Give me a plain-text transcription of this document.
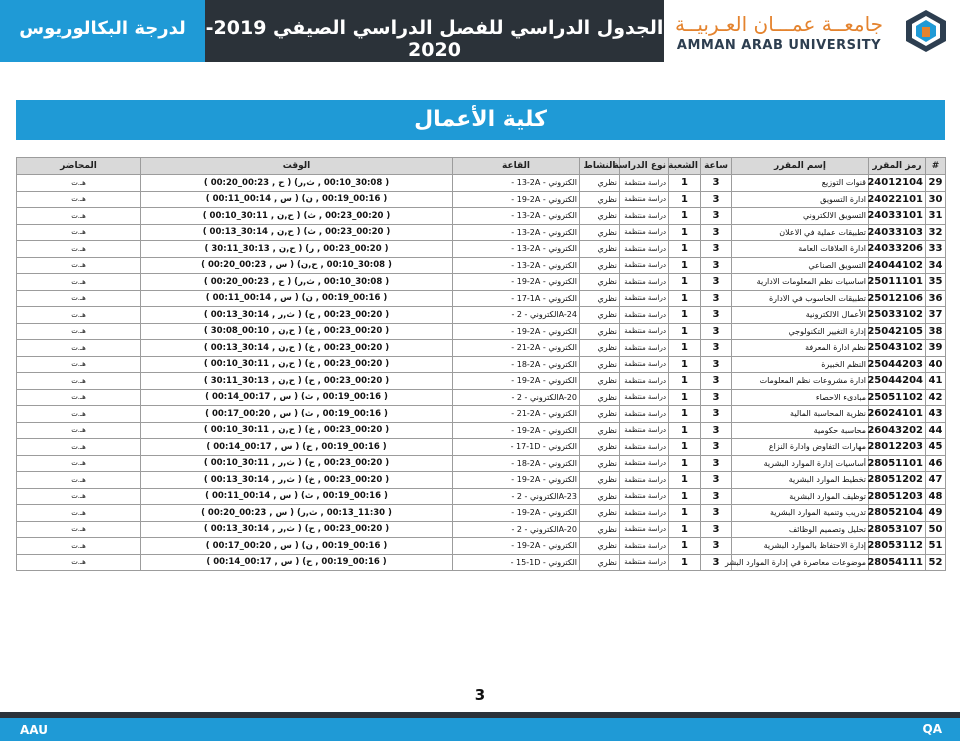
جامعــة عمـــان العـربيــة
AMMAN ARAB UNIVERSITY
الجدول الدراسي للفصل الدراسي الصيفي 2019-2020
لدرجة البكالوريوس
كلية الأعمال
#	رمز المقرر	إسم المقرر	ساعة	الشعبة	نوع الدراسة	النشاط	القاعة	الوقت	المحاضر
29	24012104	قنوات التوزيع	3	1	دراسة منتظمة	نظري	- 13-2A - الكتروني	( 00:20_00:23 , ح ) (30:08_00:10 , ث,ر )	هـ.ت
30	24022101	ادارة التسويق	3	1	دراسة منتظمة	نظري	- 19-2A - الكتروني	( 00:11_00:14 , س ) (00:16_00:19 , ن )	هـ.ت
31	24033101	التسويق الالكتروني	3	1	دراسة منتظمة	نظري	- 13-2A - الكتروني	( 00:10_30:11 , ح,ن ) (00:20_00:23 , ث )	هـ.ت
32	24033103	تطبيقات عملية في الاعلان	3	1	دراسة منتظمة	نظري	- 13-2A - الكتروني	( 00:13_30:14 , ح,ن ) (00:20_00:23 , ث )	هـ.ت
33	24033206	ادارة العلاقات العامة	3	1	دراسة منتظمة	نظري	- 13-2A - الكتروني	( 30:11_30:13 , ح,ن ) (00:20_00:23 , ر )	هـ.ت
34	24044102	التسويق الصناعي	3	1	دراسة منتظمة	نظري	- 13-2A - الكتروني	( 00:20_00:23 , س ) (30:08_00:10 , ح,ن )	هـ.ت
35	25011101	اساسيات نظم المعلومات الادارية	3	1	دراسة منتظمة	نظري	- 19-2A - الكتروني	( 00:20_00:23 , ح ) (30:08_00:10 , ث,ر )	هـ.ت
36	25012106	تطبيقات الحاسوب في الادارة	3	1	دراسة منتظمة	نظري	- 17-1A - الكتروني	( 00:11_00:14 , س ) (00:16_00:19 , ن )	هـ.ت
37	25033102	الأعمال الالكترونية	3	1	دراسة منتظمة	نظري	- الكتروني - 2A-24	( 00:13_30:14 , ث,ر ) (00:20_00:23 , ح )	هـ.ت
38	25042105	إدارة التغيير التكنولوجي	3	1	دراسة منتظمة	نظري	- 19-2A - الكتروني	( 30:08_00:10 , ح,ن ) (00:20_00:23 , خ )	هـ.ت
39	25043102	نظم ادارة المعرفة	3	1	دراسة منتظمة	نظري	- 21-2A - الكتروني	( 00:13_30:14 , ح,ن ) (00:20_00:23 , خ )	هـ.ت
40	25044203	النظم الخبيرة	3	1	دراسة منتظمة	نظري	- 18-2A - الكتروني	( 00:10_30:11 , ح,ن ) (00:20_00:23 , خ )	هـ.ت
41	25044204	ادارة مشروعات نظم المعلومات	3	1	دراسة منتظمة	نظري	- 19-2A - الكتروني	( 30:11_30:13 , ح,ن ) (00:20_00:23 , ح )	هـ.ت
42	25051102	مبادىء الاحصاء	3	1	دراسة منتظمة	نظري	- الكتروني - 2A-20	( 00:14_00:17 , س ) (00:16_00:19 , ث )	هـ.ت
43	26024101	نظرية المحاسبة المالية	3	1	دراسة منتظمة	نظري	- 21-2A - الكتروني	( 00:17_00:20 , س ) (00:16_00:19 , ث )	هـ.ت
44	26043202	محاسبة حكومية	3	1	دراسة منتظمة	نظري	- 19-2A - الكتروني	( 00:10_30:11 , ح,ن ) (00:20_00:23 , خ )	هـ.ت
45	28012203	مهارات التفاوض وادارة النزاع	3	1	دراسة منتظمة	نظري	- 17-1D - الكتروني	( 00:14_00:17 , س ) (00:16_00:19 , ح )	هـ.ت
46	28051101	أساسيات إدارة الموارد البشرية	3	1	دراسة منتظمة	نظري	- 18-2A - الكتروني	( 00:10_30:11 , ث,ر ) (00:20_00:23 , ح )	هـ.ت
47	28051202	تخطيط الموارد البشرية	3	1	دراسة منتظمة	نظري	- 19-2A - الكتروني	( 00:13_30:14 , ث,ر ) (00:20_00:23 , خ )	هـ.ت
48	28051203	توظيف الموارد البشرية	3	1	دراسة منتظمة	نظري	- الكتروني - 2A-23	( 00:11_00:14 , س ) (00:16_00:19 , ث )	هـ.ت
49	28052104	تدريب وتنمية الموارد البشرية	3	1	دراسة منتظمة	نظري	- 19-2A - الكتروني	( 00:20_00:23 , س ) (11:30_00:13 , ث,ر )	هـ.ت
50	28053107	تحليل وتصميم الوظائف	3	1	دراسة منتظمة	نظري	- الكتروني - 2A-20	( 00:13_30:14 , ث,ر ) (00:20_00:23 , ح )	هـ.ت
51	28053112	إدارة الاحتفاظ بالموارد البشرية	3	1	دراسة منتظمة	نظري	- 19-2A - الكتروني	( 00:17_00:20 , س ) (00:16_00:19 , ن )	هـ.ت
52	28054111	موضوعات معاصرة في إدارة الموارد البشر	3	1	دراسة منتظمة	نظري	- 15-1D - الكتروني	( 00:14_00:17 , س ) (00:16_00:19 , ح )	هـ.ت
3
AAU	QA
